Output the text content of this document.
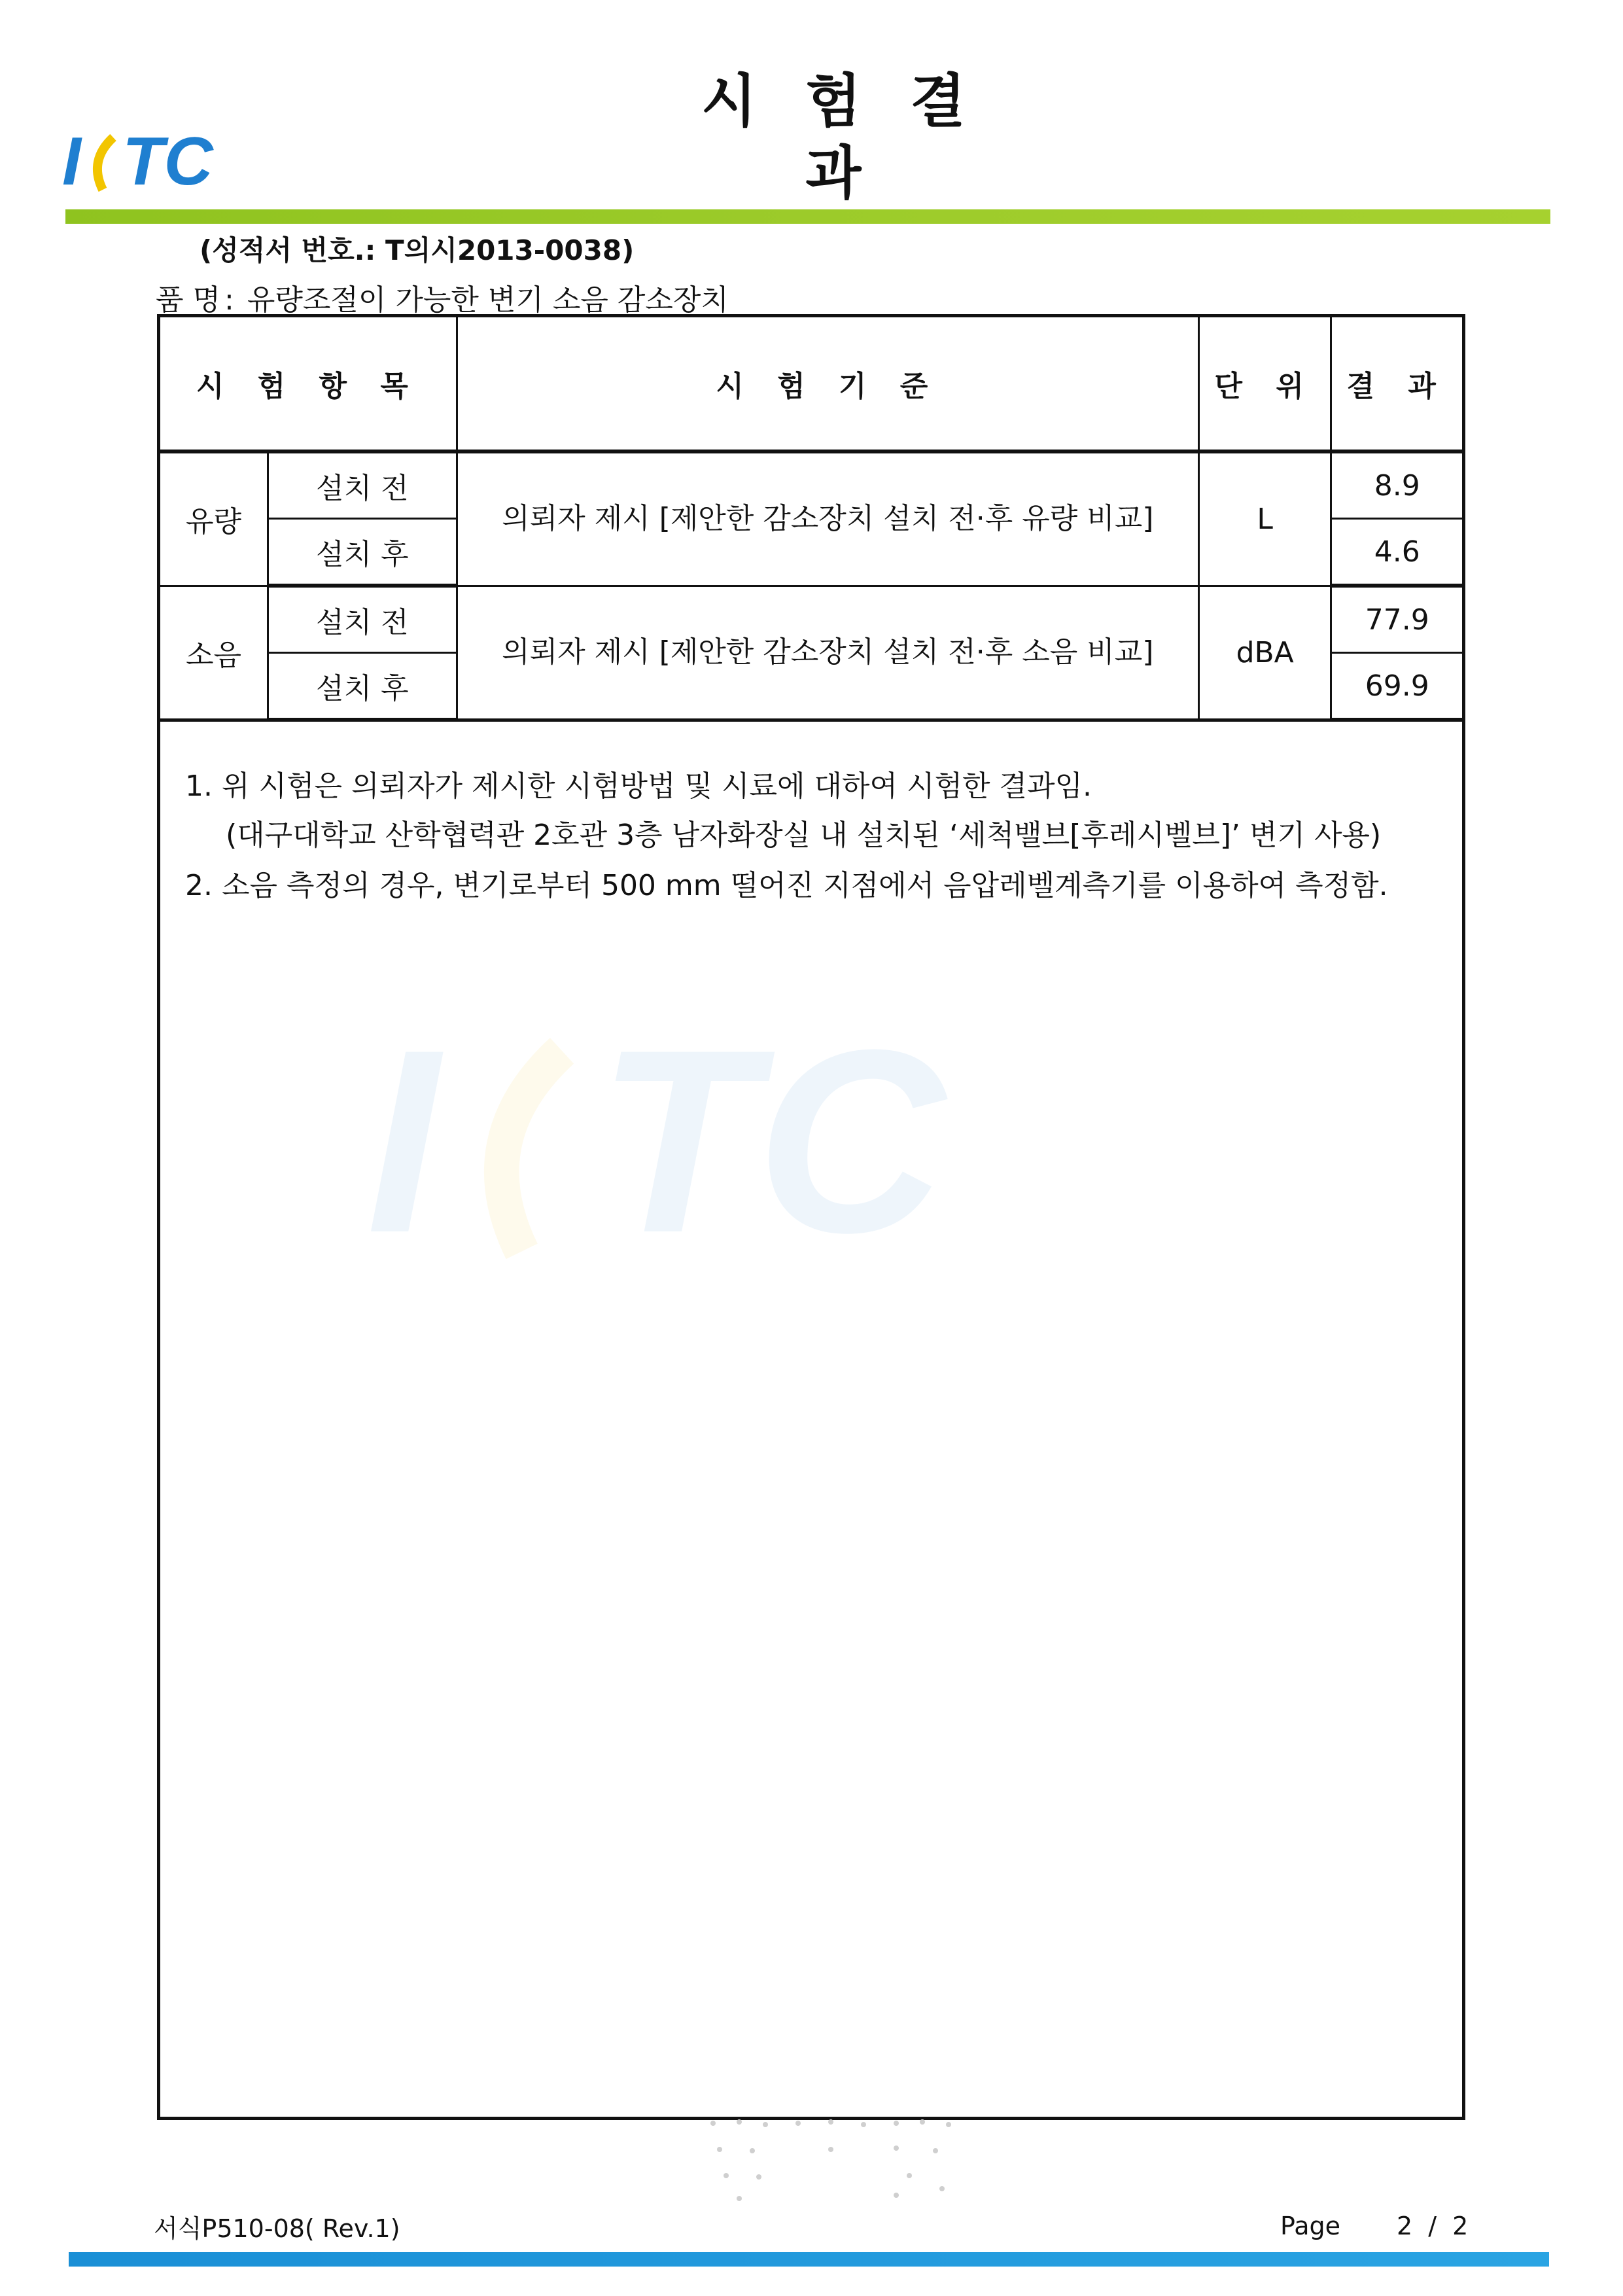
I TC
시 험 결 과
(성적서 번호.: T의시2013-0038)
품 명 : 유량조절이 가능한 변기 소음 감소장치
I TC
시 험 항 목		시 험 기 준	단 위	결 과
유량	설치 전	의뢰자 제시 [제안한 감소장치 설치 전·후 유량 비교]	L	8.9
	설치 후			4.6
소음	설치 전	의뢰자 제시 [제안한 감소장치 설치 전·후 소음 비교]	dBA	77.9
	설치 후			69.9
1. 위 시험은 의뢰자가 제시한 시험방법 및 시료에 대하여 시험한 결과임.
(대구대학교 산학협력관 2호관 3층 남자화장실 내 설치된 ‘세척밸브[후레시벨브]’ 변기 사용)
2. 소음 측정의 경우, 변기로부터 500 mm 떨어진 지점에서 음압레벨계측기를 이용하여 측정함.
서식P510-08( Rev.1)	Page 2 / 2
